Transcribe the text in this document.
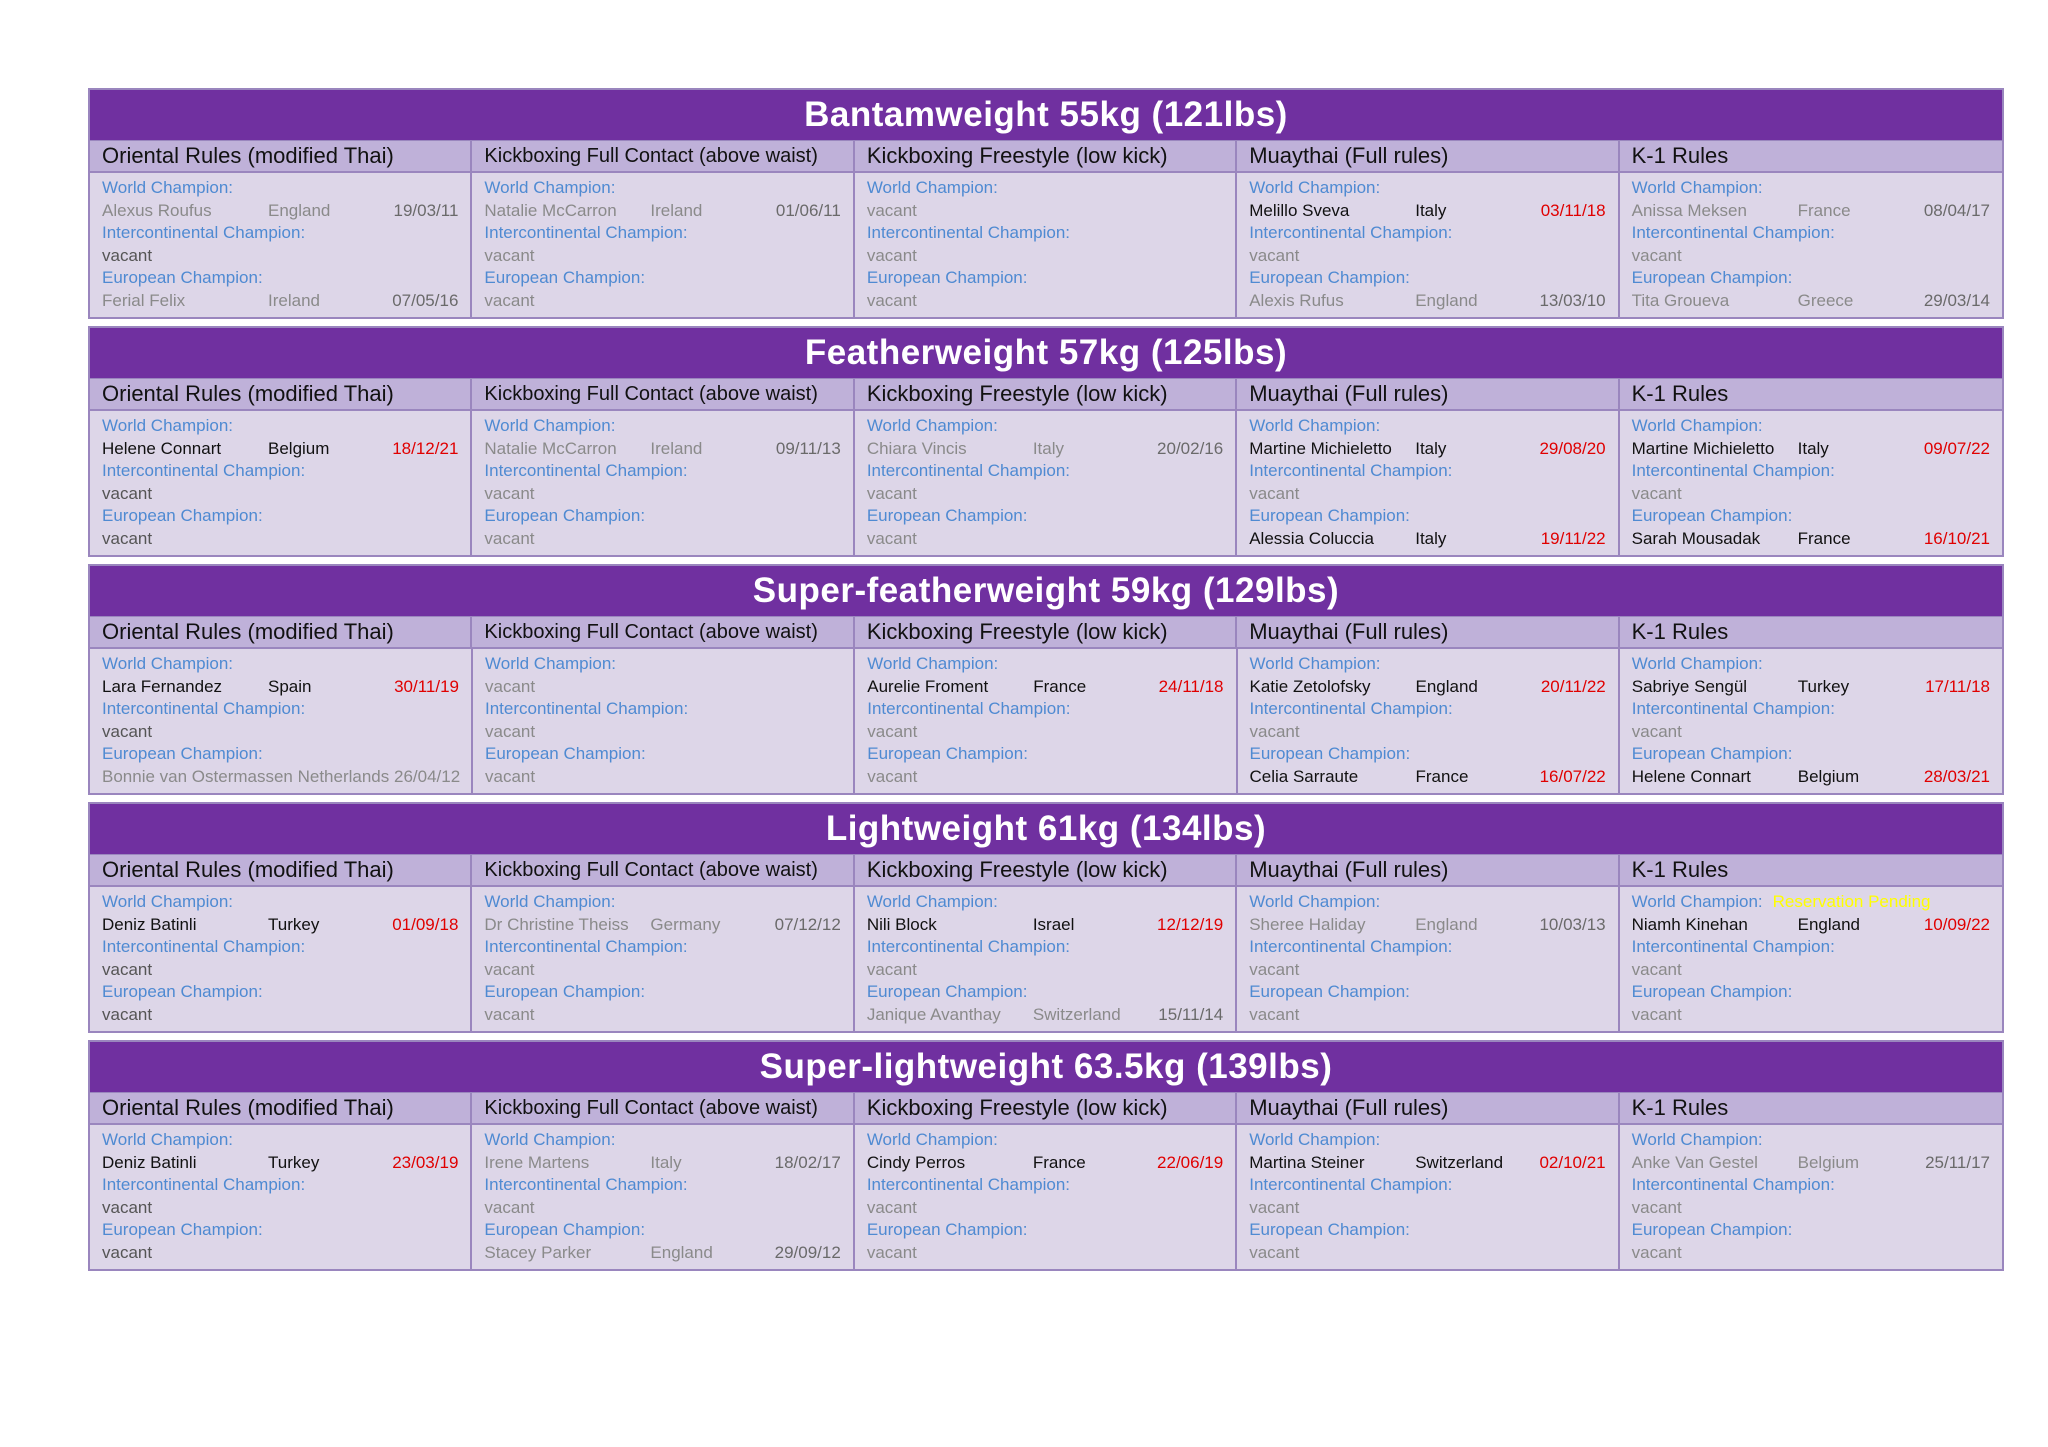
Bantamweight 55kg (121lbs)
Oriental Rules (modified Thai)	Kickboxing Full Contact (above waist)	Kickboxing Freestyle (low kick)	Muaythai (Full rules)	K-1 Rules
World Champion:
Alexus Roufus	England	19/03/11
Intercontinental Champion:
vacant
European Champion:
Ferial Felix	Ireland	07/05/16
World Champion:
Natalie McCarron Ireland	01/06/11
Intercontinental Champion:
vacant
European Champion:
vacant
World Champion:
vacant
Intercontinental Champion:
vacant
European Champion:
vacant
World Champion:
Melillo Sveva	Italy	03/11/18
Intercontinental Champion:
vacant
European Champion:
Alexis Rufus	England	13/03/10
World Champion:
Anissa Meksen	France	08/04/17
Intercontinental Champion:
vacant
European Champion:
Tita Groueva	Greece	29/03/14
Featherweight 57kg (125lbs)
Oriental Rules (modified Thai)	Kickboxing Full Contact (above waist)	Kickboxing Freestyle (low kick)	Muaythai (Full rules)	K-1 Rules
World Champion:
Helene Connart	Belgium	18/12/21
Intercontinental Champion:
vacant
European Champion:
vacant
World Champion:
Natalie McCarron Ireland	09/11/13
Intercontinental Champion:
vacant
European Champion:
vacant
World Champion:
Chiara Vincis	Italy	20/02/16
Intercontinental Champion:
vacant
European Champion:
vacant
World Champion:
Martine Michieletto Italy	29/08/20
Intercontinental Champion:
vacant
European Champion:
Alessia Coluccia Italy	19/11/22
World Champion:
Martine Michieletto Italy	09/07/22
Intercontinental Champion:
vacant
European Champion:
Sarah Mousadak France	16/10/21
Super-featherweight 59kg (129lbs)
Oriental Rules (modified Thai)	Kickboxing Full Contact (above waist)	Kickboxing Freestyle (low kick)	Muaythai (Full rules)	K-1 Rules
World Champion:
Lara Fernandez	Spain	30/11/19
Intercontinental Champion:
vacant
European Champion:
Bonnie van Ostermassen Netherlands 26/04/12
World Champion:
vacant
Intercontinental Champion:
vacant
European Champion:
vacant
World Champion:
Aurelie Froment	France	24/11/18
Intercontinental Champion:
vacant
European Champion:
vacant
World Champion:
Katie Zetolofsky	England	20/11/22
Intercontinental Champion:
vacant
European Champion:
Celia Sarraute	France	16/07/22
World Champion:
Sabriye Sengül	Turkey	17/11/18
Intercontinental Champion:
vacant
European Champion:
Helene Connart	Belgium	28/03/21
Lightweight 61kg (134lbs)
Oriental Rules (modified Thai)	Kickboxing Full Contact (above waist)	Kickboxing Freestyle (low kick)	Muaythai (Full rules)	K-1 Rules
World Champion:
Deniz Batinli	Turkey	01/09/18
Intercontinental Champion:
vacant
European Champion:
vacant
World Champion:
Dr Christine Theiss Germany	07/12/12
Intercontinental Champion:
vacant
European Champion:
vacant
World Champion:
Nili Block	Israel	12/12/19
Intercontinental Champion:
vacant
European Champion:
Janique Avanthay Switzerland 15/11/14
World Champion:
Sheree Haliday	England	10/03/13
Intercontinental Champion:
vacant
European Champion:
vacant
World Champion: Reservation Pending
Niamh Kinehan	England	10/09/22
Intercontinental Champion:
vacant
European Champion:
vacant
Super-lightweight 63.5kg (139lbs)
Oriental Rules (modified Thai)	Kickboxing Full Contact (above waist)	Kickboxing Freestyle (low kick)	Muaythai (Full rules)	K-1 Rules
World Champion:
Deniz Batinli	Turkey	23/03/19
Intercontinental Champion:
vacant
European Champion:
vacant
World Champion:
Irene Martens	Italy	18/02/17
Intercontinental Champion:
vacant
European Champion:
Stacey Parker	England	29/09/12
World Champion:
Cindy Perros	France	22/06/19
Intercontinental Champion:
vacant
European Champion:
vacant
World Champion:
Martina Steiner	Switzerland 02/10/21
Intercontinental Champion:
vacant
European Champion:
vacant
World Champion:
Anke Van Gestel Belgium	25/11/17
Intercontinental Champion:
vacant
European Champion:
vacant
